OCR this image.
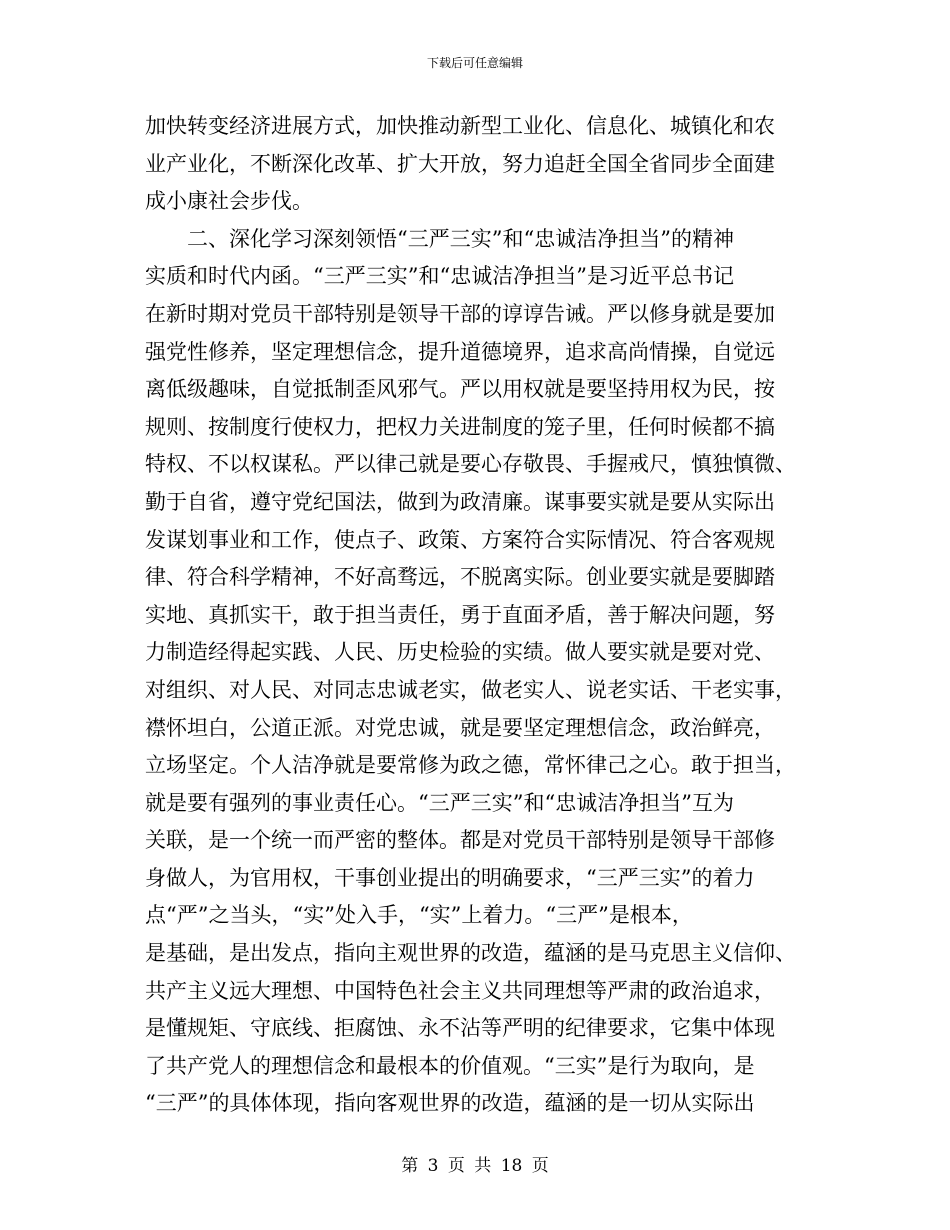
下载后可任意编辑
加快转变经济进展方式，加快推动新型工业化、信息化、城镇化和农
业产业化，不断深化改革、扩大开放，努力追赶全国全省同步全面建
成小康社会步伐。
二、深化学习深刻领悟“三严三实”和“忠诚洁净担当”的精神
实质和时代内函。“三严三实”和“忠诚洁净担当”是习近平总书记
在新时期对党员干部特别是领导干部的谆谆告诫。严以修身就是要加
强党性修养，坚定理想信念，提升道德境界，追求高尚情操，自觉远
离低级趣味，自觉抵制歪风邪气。严以用权就是要坚持用权为民，按
规则、按制度行使权力，把权力关进制度的笼子里，任何时候都不搞
特权、不以权谋私。严以律己就是要心存敬畏、手握戒尺，慎独慎微、
勤于自省，遵守党纪国法，做到为政清廉。谋事要实就是要从实际出
发谋划事业和工作，使点子、政策、方案符合实际情况、符合客观规
律、符合科学精神，不好高骛远，不脱离实际。创业要实就是要脚踏
实地、真抓实干，敢于担当责任，勇于直面矛盾，善于解决问题，努
力制造经得起实践、人民、历史检验的实绩。做人要实就是要对党、
对组织、对人民、对同志忠诚老实，做老实人、说老实话、干老实事，
襟怀坦白，公道正派。对党忠诚，就是要坚定理想信念，政治鲜亮，
立场坚定。个人洁净就是要常修为政之德，常怀律己之心。敢于担当，
就是要有强列的事业责任心。“三严三实”和“忠诚洁净担当”互为
关联，是一个统一而严密的整体。都是对党员干部特别是领导干部修
身做人，为官用权，干事创业提出的明确要求，“三严三实”的着力
点“严”之当头，“实”处入手，“实”上着力。“三严”是根本，
是基础，是出发点，指向主观世界的改造，蕴涵的是马克思主义信仰、
共产主义远大理想、中国特色社会主义共同理想等严肃的政治追求，
是懂规矩、守底线、拒腐蚀、永不沾等严明的纪律要求，它集中体现
了共产党人的理想信念和最根本的价值观。“三实”是行为取向，是
“三严”的具体体现，指向客观世界的改造，蕴涵的是一切从实际出
第 3 页 共 18 页
